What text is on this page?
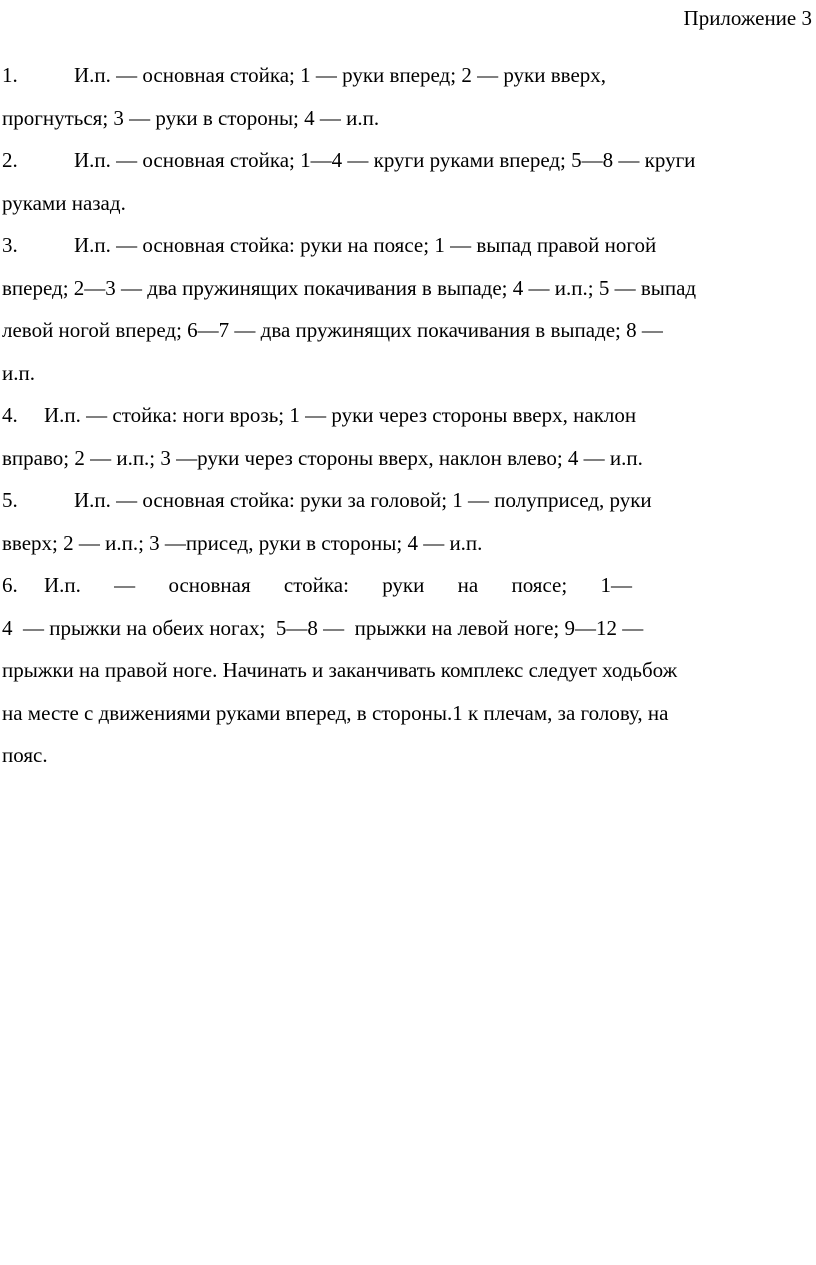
Приложение 3
1.	И.п. — основная стойка; 1 — руки вперед; 2 — руки вверх,
прогнуться; 3 — руки в стороны; 4 — и.п.
2.	И.п. — основная стойка; 1—4 — круги руками вперед; 5—8 — круги
руками назад.
3.	И.п. — основная стойка: руки на поясе; 1 — выпад правой ногой
вперед; 2—3 — два пружинящих покачивания в выпаде; 4 — и.п.; 5 — выпад
левой ногой вперед; 6—7 — два пружинящих покачивания в выпаде; 8 —
и.п.
4. И.п. — стойка: ноги врозь; 1 — руки через стороны вверх, наклон
вправо; 2 — и.п.; 3 —руки через стороны вверх, наклон влево; 4 — и.п.
5.	И.п. — основная стойка: руки за головой; 1 — полуприсед, руки
вверх; 2 — и.п.; 3 —присед, руки в стороны; 4 — и.п.
6.	И.п. — основная стойка: руки на поясе; 1—
4  — прыжки на обеих ногах;  5—8 —  прыжки на левой ноге; 9—12 —
прыжки на правой ноге. Начинать и заканчивать комплекс следует ходьбож
на месте с движениями руками вперед, в стороны.1 к плечам, за голову, на
пояс.
